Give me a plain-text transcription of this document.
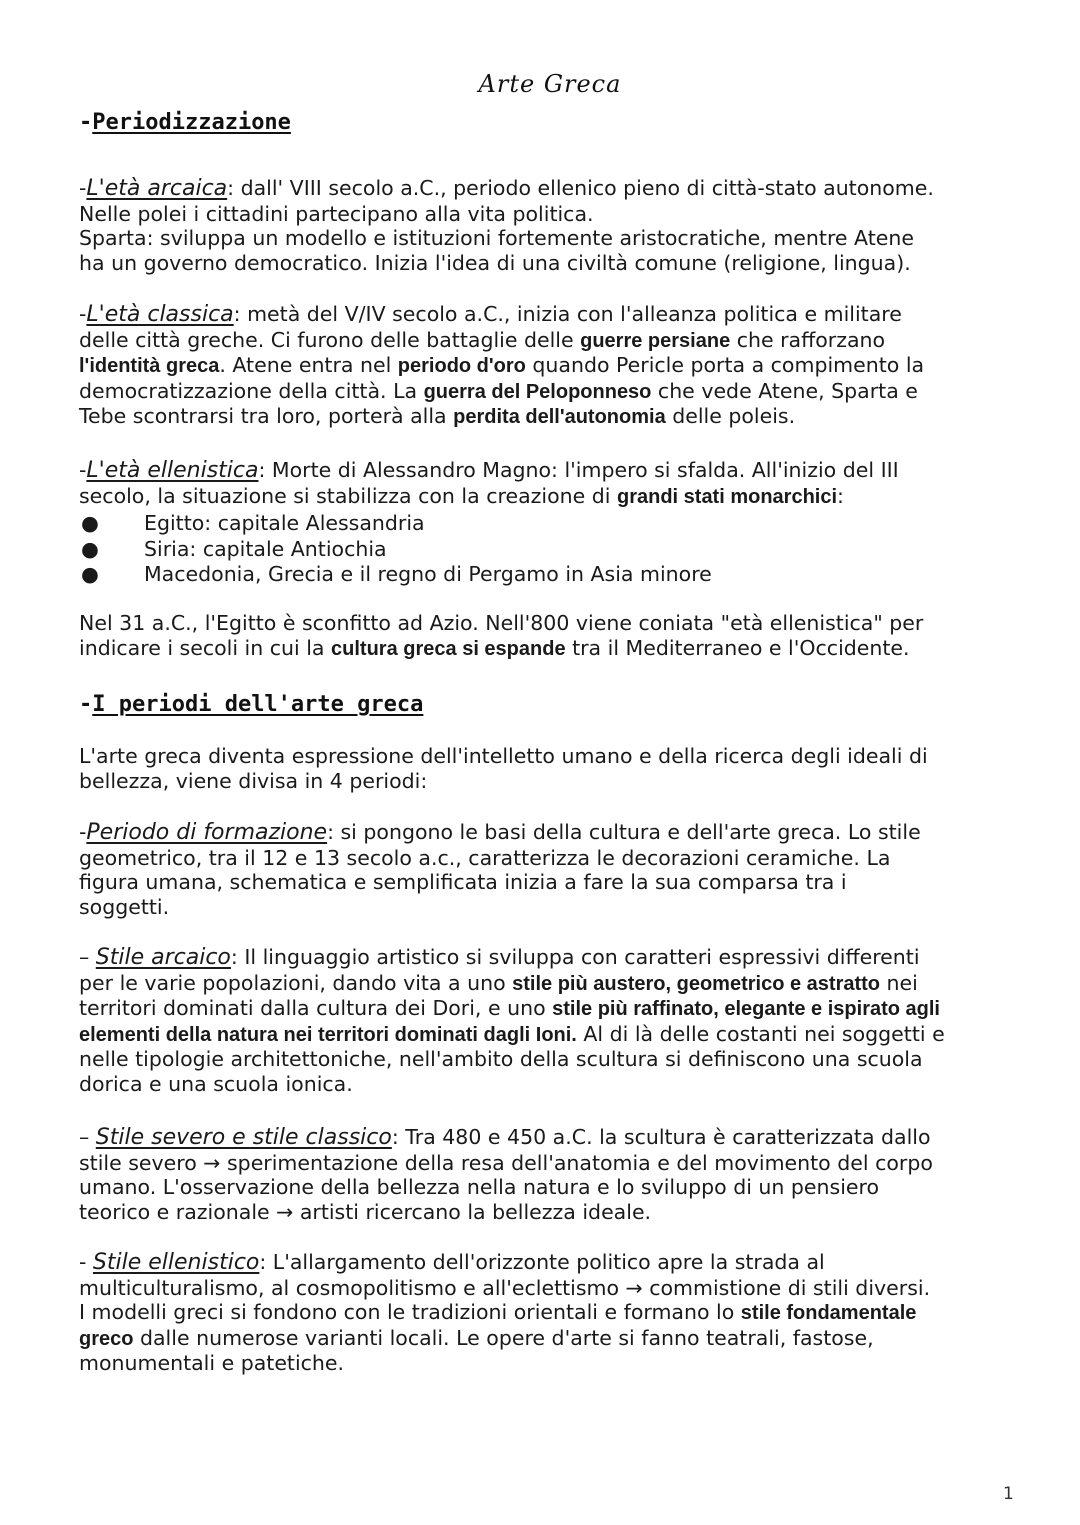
Arte Greca
-Periodizzazione
-L'età arcaica: dall' VIII secolo a.C., periodo ellenico pieno di città-stato autonome.
Nelle polei i cittadini partecipano alla vita politica.
Sparta: sviluppa un modello e istituzioni fortemente aristocratiche, mentre Atene
ha un governo democratico. Inizia l'idea di una civiltà comune (religione, lingua).
-L'età classica: metà del V/IV secolo a.C., inizia con l'alleanza politica e militare
delle città greche. Ci furono delle battaglie delle guerre persiane che rafforzano
l'identità greca. Atene entra nel periodo d'oro quando Pericle porta a compimento la
democratizzazione della città. La guerra del Peloponneso che vede Atene, Sparta e
Tebe scontrarsi tra loro, porterà alla perdita dell'autonomia delle poleis.
-L'età ellenistica: Morte di Alessandro Magno: l'impero si sfalda. All'inizio del III
secolo, la situazione si stabilizza con la creazione di grandi stati monarchici:
● Egitto: capitale Alessandria
● Siria: capitale Antiochia
● Macedonia, Grecia e il regno di Pergamo in Asia minore
Nel 31 a.C., l'Egitto è sconfitto ad Azio. Nell'800 viene coniata "età ellenistica" per
indicare i secoli in cui la cultura greca si espande tra il Mediterraneo e l'Occidente.
-I periodi dell'arte greca
L'arte greca diventa espressione dell'intelletto umano e della ricerca degli ideali di
bellezza, viene divisa in 4 periodi:
-Periodo di formazione: si pongono le basi della cultura e dell'arte greca. Lo stile
geometrico, tra il 12 e 13 secolo a.c., caratterizza le decorazioni ceramiche. La
figura umana, schematica e semplificata inizia a fare la sua comparsa tra i
soggetti.
– Stile arcaico: Il linguaggio artistico si sviluppa con caratteri espressivi differenti
per le varie popolazioni, dando vita a uno stile più austero, geometrico e astratto nei
territori dominati dalla cultura dei Dori, e uno stile più raffinato, elegante e ispirato agli
elementi della natura nei territori dominati dagli Ioni. Al di là delle costanti nei soggetti e
nelle tipologie architettoniche, nell'ambito della scultura si definiscono una scuola
dorica e una scuola ionica.
– Stile severo e stile classico: Tra 480 e 450 a.C. la scultura è caratterizzata dallo
stile severo → sperimentazione della resa dell'anatomia e del movimento del corpo
umano. L'osservazione della bellezza nella natura e lo sviluppo di un pensiero
teorico e razionale → artisti ricercano la bellezza ideale.
- Stile ellenistico: L'allargamento dell'orizzonte politico apre la strada al
multiculturalismo, al cosmopolitismo e all'eclettismo → commistione di stili diversi.
I modelli greci si fondono con le tradizioni orientali e formano lo stile fondamentale
greco dalle numerose varianti locali. Le opere d'arte si fanno teatrali, fastose,
monumentali e patetiche.
1
